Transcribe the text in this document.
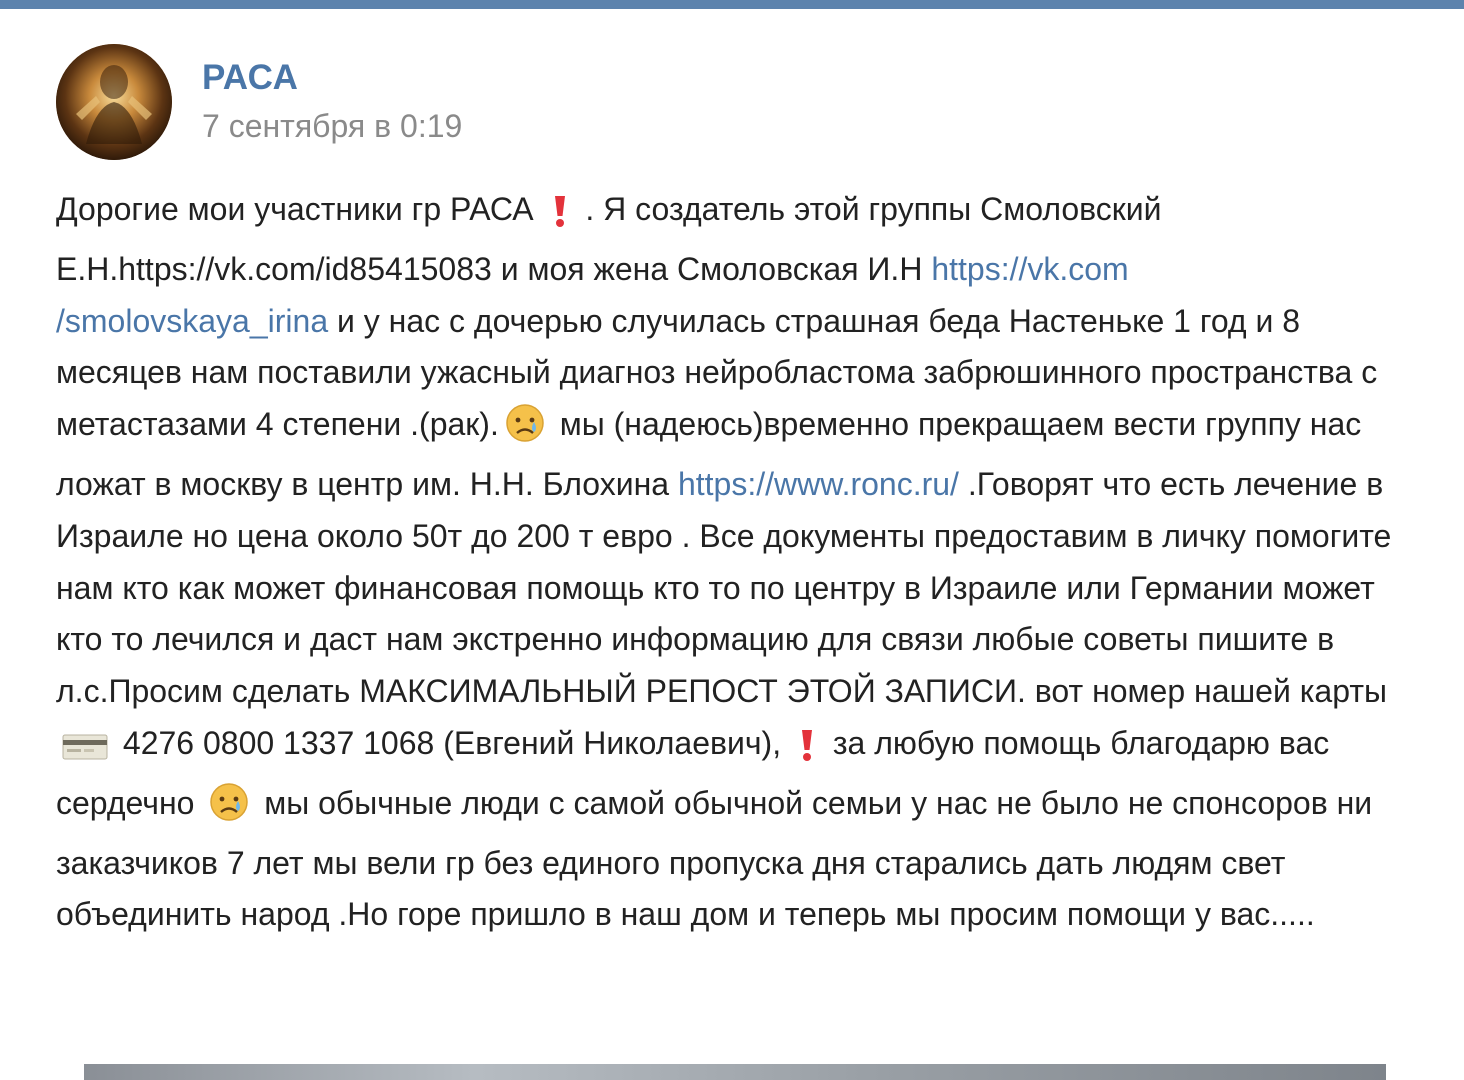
РАСА
7 сентября в 0:19
Дорогие мои участники гр РАСА . Я создатель этой группы Смоловский Е.Н.https://vk.com/id85415083 и моя жена Смоловская И.Н https://vk.com /smolovskaya_irina и у нас с дочерью случилась страшная беда Настеньке 1 год и 8 месяцев нам поставили ужасный диагноз нейробластома забрюшинного пространства с метастазами 4 степени .(рак). мы (надеюсь)временно прекращаем вести группу нас ложат в москву в центр им. Н.Н. Блохина https://www.ronc.ru/ .Говорят что есть лечение в Израиле но цена около 50т до 200 т евро . Все документы предоставим в личку помогите нам кто как может финансовая помощь кто то по центру в Израиле или Германии может кто то лечился и даст нам экстренно информацию для связи любые советы пишите в л.с.Просим сделать МАКСИМАЛЬНЫЙ РЕПОСТ ЭТОЙ ЗАПИСИ. вот номер нашей карты  4276 0800 1337 1068 (Евгений Николаевич), за любую помощь благодарю вас сердечно мы обычные люди с самой обычной семьи у нас не было не спонсоров ни заказчиков 7 лет мы вели гр без единого пропуска дня старались дать людям свет объединить народ .Но горе пришло в наш дом и теперь мы просим помощи у вас.....
